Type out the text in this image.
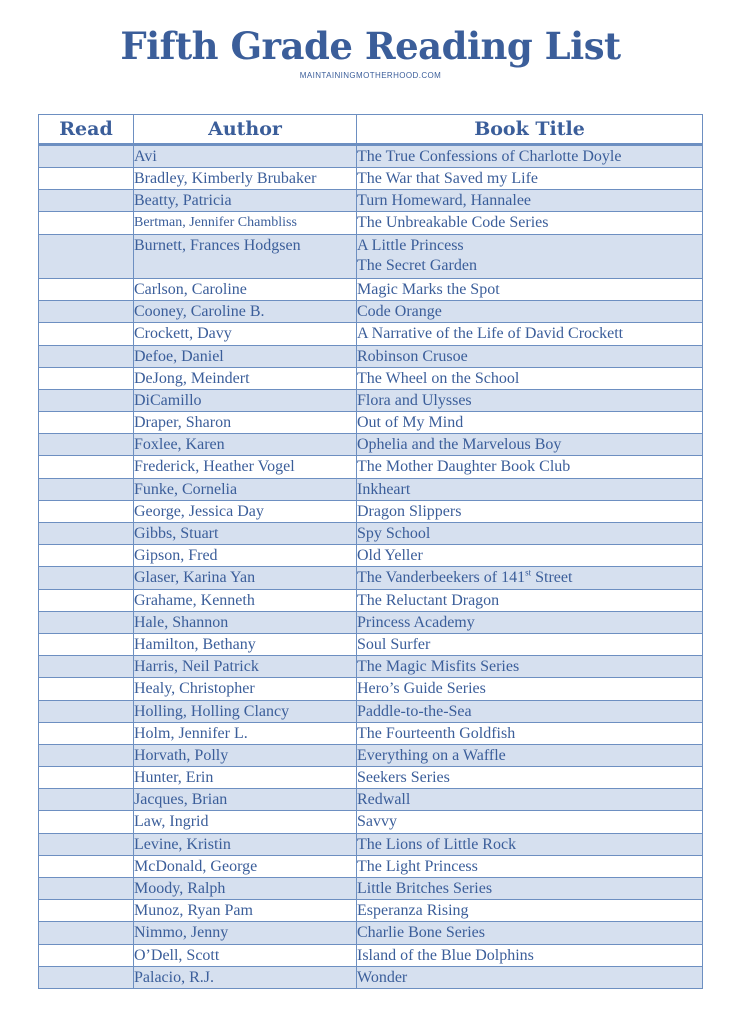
Fifth Grade Reading List
MAINTAININGMOTHERHOOD.COM
Read	Author	Book Title
	Avi	The True Confessions of Charlotte Doyle

	Bradley, Kimberly Brubaker	The War that Saved my Life

	Beatty, Patricia	Turn Homeward, Hannalee

	Bertman, Jennifer Chambliss	The Unbreakable Code Series

	Burnett, Frances Hodgsen	A Little Princess
The Secret Garden

	Carlson, Caroline	Magic Marks the Spot

	Cooney, Caroline B.	Code Orange

	Crockett, Davy	A Narrative of the Life of David Crockett

	Defoe, Daniel	Robinson Crusoe

	DeJong, Meindert	The Wheel on the School

	DiCamillo	Flora and Ulysses

	Draper, Sharon	Out of My Mind

	Foxlee, Karen	Ophelia and the Marvelous Boy

	Frederick, Heather Vogel	The Mother Daughter Book Club

	Funke, Cornelia	Inkheart

	George, Jessica Day	Dragon Slippers

	Gibbs, Stuart	Spy School

	Gipson, Fred	Old Yeller

	Glaser, Karina Yan	The Vanderbeekers of 141st Street

	Grahame, Kenneth	The Reluctant Dragon

	Hale, Shannon	Princess Academy

	Hamilton, Bethany	Soul Surfer

	Harris, Neil Patrick	The Magic Misfits Series

	Healy, Christopher	Hero’s Guide Series

	Holling, Holling Clancy	Paddle-to-the-Sea

	Holm, Jennifer L.	The Fourteenth Goldfish

	Horvath, Polly	Everything on a Waffle

	Hunter, Erin	Seekers Series

	Jacques, Brian	Redwall

	Law, Ingrid	Savvy

	Levine, Kristin	The Lions of Little Rock

	McDonald, George	The Light Princess

	Moody, Ralph	Little Britches Series

	Munoz, Ryan Pam	Esperanza Rising

	Nimmo, Jenny	Charlie Bone Series

	O’Dell, Scott	Island of the Blue Dolphins

	Palacio, R.J.	Wonder
